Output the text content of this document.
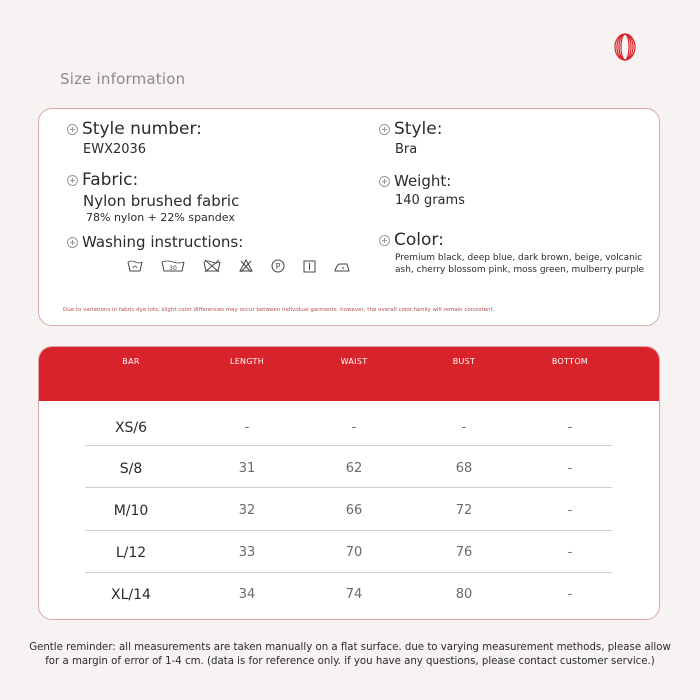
Size information
Style number:
EWX2036
Style:
Bra
Fabric:
Nylon brushed fabric
78% nylon + 22% spandex
Weight:
140 grams
Washing instructions:
30	P
Color:
Premium black, deep blue, dark brown, beige, volcanic ash, cherry blossom pink, moss green, mulberry purple
Due to variations in fabric dye lots, slight color differences may occur between individual garments. however, the overall color family will remain consistent.
BAR	LENGTH	WAIST	BUST	BOTTOM
XS/6	-	-	-	-
S/8	31	62	68	-
M/10	32	66	72	-
L/12	33	70	76	-
XL/14	34	74	80	-
Gentle reminder: all measurements are taken manually on a flat surface. due to varying measurement methods, please allow
for a margin of error of 1-4 cm. (data is for reference only. if you have any questions, please contact customer service.)
